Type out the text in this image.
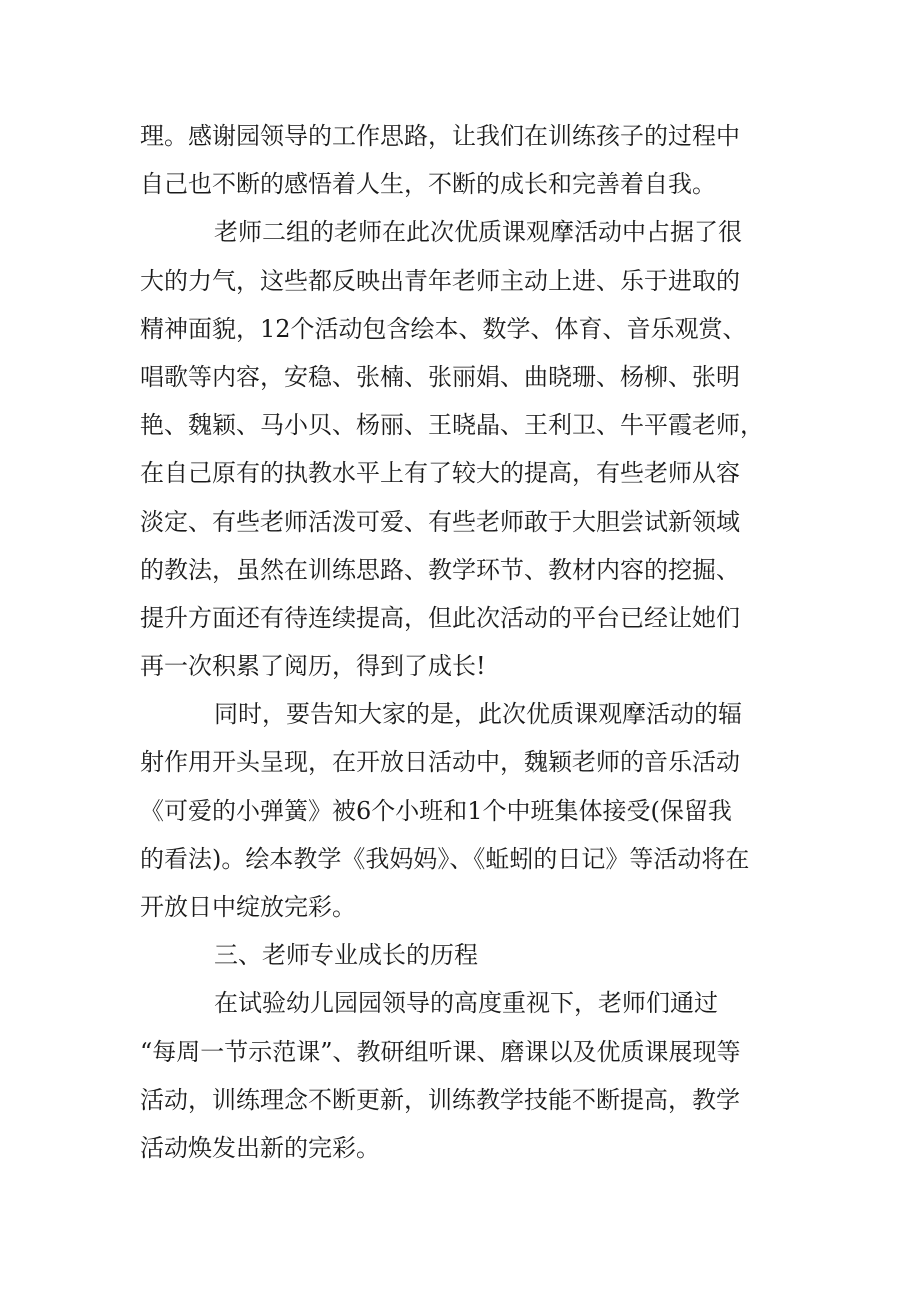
理。感谢园领导的工作思路，让我们在训练孩子的过程中
自己也不断的感悟着人生，不断的成长和完善着自我。
老师二组的老师在此次优质课观摩活动中占据了很
大的力气，这些都反映出青年老师主动上进、乐于进取的
精神面貌，12个活动包含绘本、数学、体育、音乐观赏、
唱歌等内容，安稳、张楠、张丽娟、曲晓珊、杨柳、张明
艳、魏颖、马小贝、杨丽、王晓晶、王利卫、牛平霞老师，
在自己原有的执教水平上有了较大的提高，有些老师从容
淡定、有些老师活泼可爱、有些老师敢于大胆尝试新领域
的教法，虽然在训练思路、教学环节、教材内容的挖掘、
提升方面还有待连续提高，但此次活动的平台已经让她们
再一次积累了阅历，得到了成长!
同时，要告知大家的是，此次优质课观摩活动的辐
射作用开头呈现，在开放日活动中，魏颖老师的音乐活动
《可爱的小弹簧》被6个小班和1个中班集体接受(保留我
的看法)。绘本教学《我妈妈》、《蚯蚓的日记》等活动将在
开放日中绽放完彩。
三、老师专业成长的历程
在试验幼儿园园领导的高度重视下，老师们通过
“每周一节示范课”、教研组听课、磨课以及优质课展现等
活动，训练理念不断更新，训练教学技能不断提高，教学
活动焕发出新的完彩。
